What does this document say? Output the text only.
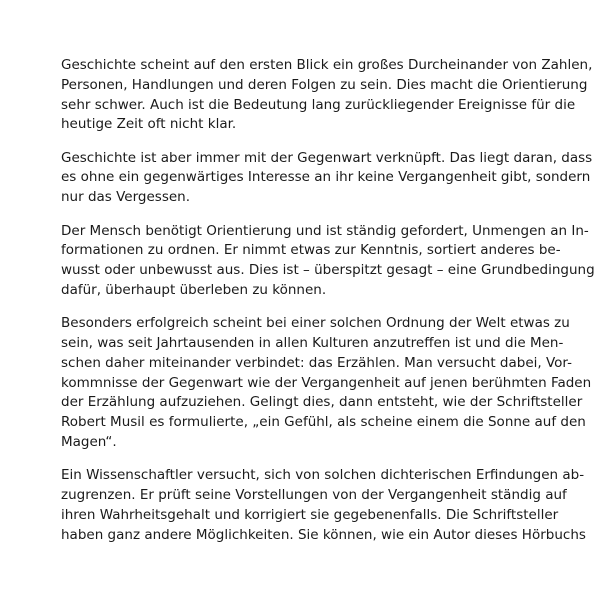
Geschichte scheint auf den ersten Blick ein großes Durcheinander von Zahlen,
Personen, Handlungen und deren Folgen zu sein. Dies macht die Orientierung
sehr schwer. Auch ist die Bedeutung lang zurückliegender Ereignisse für die
heutige Zeit oft nicht klar.

Geschichte ist aber immer mit der Gegenwart verknüpft. Das liegt daran, dass
es ohne ein gegenwärtiges Interesse an ihr keine Vergangenheit gibt, sondern
nur das Vergessen.

Der Mensch benötigt Orientierung und ist ständig gefordert, Unmengen an In-
formationen zu ordnen. Er nimmt etwas zur Kenntnis, sortiert anderes be-
wusst oder unbewusst aus. Dies ist – überspitzt gesagt – eine Grundbedingung
dafür, überhaupt überleben zu können.

Besonders erfolgreich scheint bei einer solchen Ordnung der Welt etwas zu
sein, was seit Jahrtausenden in allen Kulturen anzutreffen ist und die Men-
schen daher miteinander verbindet: das Erzählen. Man versucht dabei, Vor-
kommnisse der Gegenwart wie der Vergangenheit auf jenen berühmten Faden
der Erzählung aufzuziehen. Gelingt dies, dann entsteht, wie der Schriftsteller
Robert Musil es formulierte, „ein Gefühl, als scheine einem die Sonne auf den
Magen“.

Ein Wissenschaftler versucht, sich von solchen dichterischen Erfindungen ab-
zugrenzen. Er prüft seine Vorstellungen von der Vergangenheit ständig auf
ihren Wahrheitsgehalt und korrigiert sie gegebenenfalls. Die Schriftsteller
haben ganz andere Möglichkeiten. Sie können, wie ein Autor dieses Hörbuchs
